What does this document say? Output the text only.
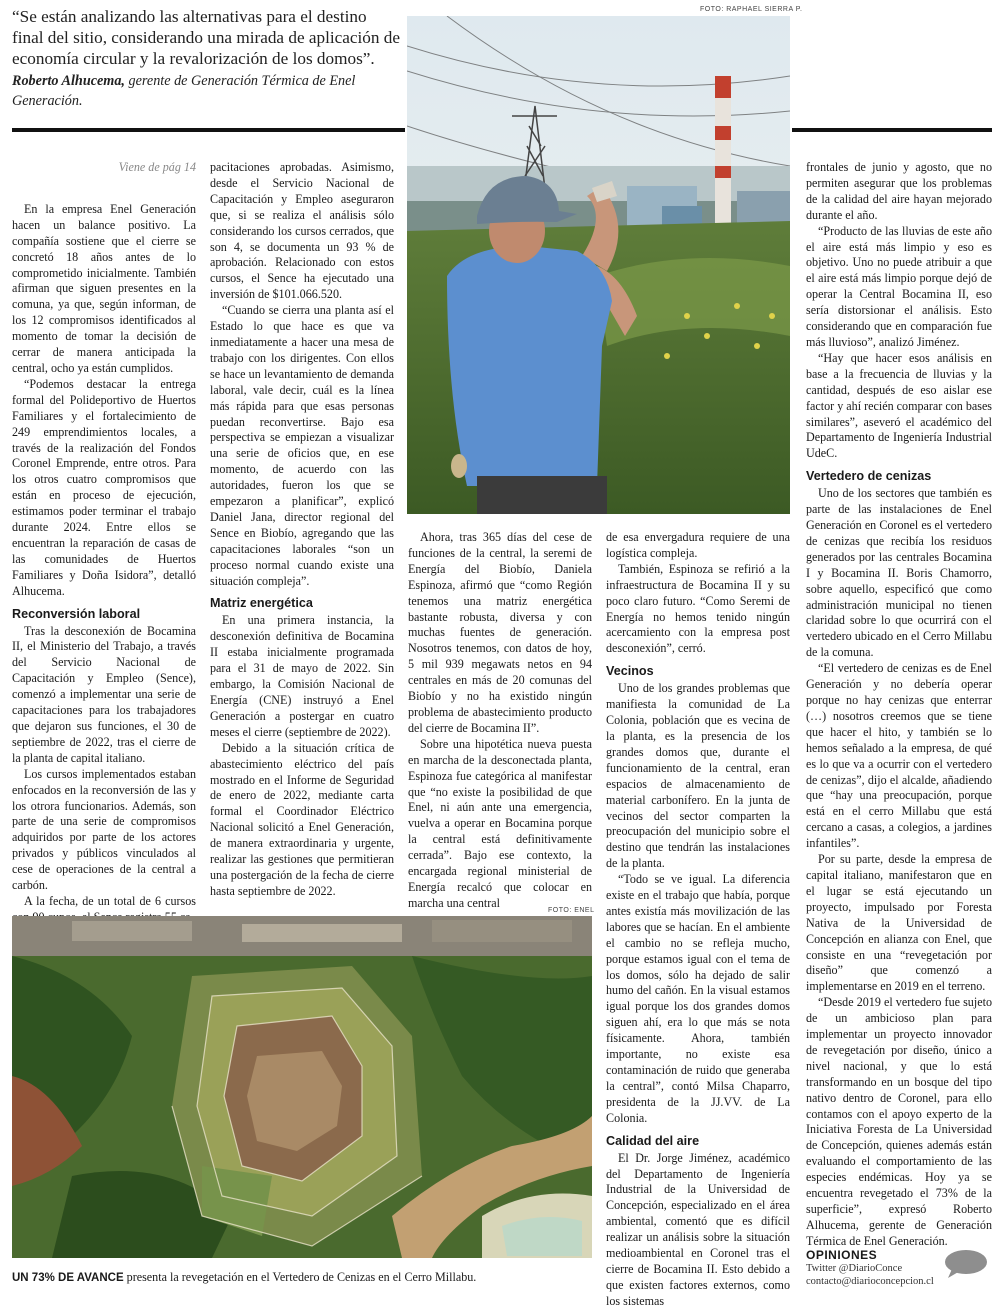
“Se están analizando las alternativas para el destino final del sitio, considerando una mirada de aplicación de economía circular y la revalorización de los domos”.
Roberto Alhucema, gerente de Generación Térmica de Enel Generación.
FOTO: RAPHAEL SIERRA P.

Viene de pág 14

En la empresa Enel Generación hacen un balance positivo. La compañía sostiene que el cierre se concretó 18 años antes de lo comprometido inicialmente. También afirman que siguen presentes en la comuna, ya que, según informan, de los 12 compromisos identificados al momento de tomar la decisión de cerrar de manera anticipada la central, ocho ya están cumplidos.

“Podemos destacar la entrega formal del Polideportivo de Huertos Familiares y el fortalecimiento de 249 emprendimientos locales, a través de la realización del Fondos Coronel Emprende, entre otros. Para los otros cuatro compromisos que están en proceso de ejecución, estimamos poder terminar el trabajo durante 2024. Entre ellos se encuentran la reparación de casas de las comunidades de Huertos Familiares y Doña Isidora”, detalló Alhucema.

Reconversión laboral

Tras la desconexión de Bocamina II, el Ministerio del Trabajo, a través del Servicio Nacional de Capacitación y Empleo (Sence), comenzó a implementar una serie de capacitaciones para los trabajadores que dejaron sus funciones, el 30 de septiembre de 2022, tras el cierre de la planta de capital italiano.

Los cursos implementados estaban enfocados en la reconversión de las y los otrora funcionarios. Además, son parte de una serie de compromisos adquiridos por parte de los actores privados y públicos vinculados al cese de operaciones de la central a carbón.

A la fecha, de un total de 6 cursos

pacitaciones aprobadas. Asimismo, desde el Servicio Nacional de Capacitación y Empleo aseguraron que, si se realiza el análisis sólo considerando los cursos cerrados, que son 4, se documenta un 93 % de aprobación. Relacionado con estos cursos, el Sence ha ejecutado una inversión de $101.066.520.

“Cuando se cierra una planta así el Estado lo que hace es que va inmediatamente a hacer una mesa de trabajo con los dirigentes. Con ellos se hace un levantamiento de demanda laboral, vale decir, cuál es la línea más rápida para que esas personas puedan reconvertirse. Bajo esa perspectiva se empiezan a visualizar una serie de oficios que, en ese momento, de acuerdo con las autoridades, fueron los que se empezaron a planificar”, explicó Daniel Jana, director regional del Sence en Biobío, agregando que las capacitaciones laborales “son un proceso normal cuando existe una situación compleja”.

Matriz energética

En una primera instancia, la desconexión definitiva de Bocamina II estaba inicialmente programada para el 31 de mayo de 2022. Sin embargo, la Comisión Nacional de Energía (CNE) instruyó a Enel Generación a postergar en cuatro meses el cierre (septiembre de 2022).

Debido a la situación crítica de abastecimiento eléctrico del país mostrado en el Informe de Seguridad de enero de 2022, mediante carta formal el Coordinador Eléctrico Nacional solicitó a Enel Generación, de manera extraordinaria y urgente, realizar las gestiones que permitieran una postergación de la fecha de cierre hasta septiembre de 2022.

Ahora, tras 365 días del cese de funciones de la central, la seremi de Energía del Biobío, Daniela Espinoza, afirmó que “como Región tenemos una matriz energética bastante robusta, diversa y con muchas fuentes de generación. Nosotros tenemos, con datos de hoy, 5 mil 939 megawats netos en 94 centrales en más de 20 comunas del Biobío y no ha existido ningún problema de abastecimiento producto del cierre de Bocamina II”.

Sobre una hipotética nueva puesta en marcha de la desconectada planta, Espinoza fue categórica al manifestar que “no existe la posibilidad de que Enel, ni aún ante una emergencia, vuelva a operar en Bocamina porque la central está definitivamente cerrada”. Bajo ese contexto, la encargada regional ministerial de Energía recalcó que colocar en marcha una central

de esa envergadura requiere de una logística compleja.

También, Espinoza se refirió a la infraestructura de Bocamina II y su poco claro futuro. “Como Seremi de Energía no hemos tenido ningún acercamiento con la empresa post desconexión”, cerró.

Vecinos

Uno de los grandes problemas que manifiesta la comunidad de La Colonia, población que es vecina de la planta, es la presencia de los grandes domos que, durante el funcionamiento de la central, eran espacios de almacenamiento de material carbonífero. En la junta de vecinos del sector comparten la preocupación del municipio sobre el destino que tendrán las instalaciones de la planta.

“Todo se ve igual. La diferencia existe en el trabajo que había, porque antes existía más movilización de las labores que se hacían. En el ambiente el cambio no se refleja mucho, porque estamos igual con el tema de los domos, sólo ha dejado de salir humo del cañón. En la visual estamos igual porque los dos grandes domos siguen ahí, era lo que más se nota físicamente. Ahora, también importante, no existe esa contaminación de ruido que generaba la central”, contó Milsa Chaparro, presidenta de la JJ.VV. de La Colonia.

Calidad del aire

El Dr. Jorge Jiménez, académico del Departamento de Ingeniería Industrial de la Universidad de Concepción, especializado en el área ambiental, comentó que es difícil realizar un análisis sobre la situación medioambiental en Coronel tras el cierre de Bocamina II. Esto debido a que existen factores externos, como los sistemas

frontales de junio y agosto, que no permiten asegurar que los problemas de la calidad del aire hayan mejorado durante el año.

“Producto de las lluvias de este año el aire está más limpio y eso es objetivo. Uno no puede atribuir a que el aire está más limpio porque dejó de operar la Central Bocamina II, eso sería distorsionar el análisis. Esto considerando que en comparación fue más lluvioso”, analizó Jiménez.

“Hay que hacer esos análisis en base a la frecuencia de lluvias y la cantidad, después de eso aislar ese factor y ahí recién comparar con bases similares”, aseveró el académico del Departamento de Ingeniería Industrial UdeC.

Vertedero de cenizas

Uno de los sectores que también es parte de las instalaciones de Enel Generación en Coronel es el vertedero de cenizas que recibía los residuos generados por las centrales Bocamina I y Bocamina II. Boris Chamorro, sobre aquello, especificó que como administración municipal no tienen claridad sobre lo que ocurrirá con el vertedero ubicado en el Cerro Millabu de la comuna.

“El vertedero de cenizas es de Enel Generación y no debería operar porque no hay cenizas que enterrar (…) nosotros creemos que se tiene que hacer el hito, y también se lo hemos señalado a la empresa, de qué es lo que va a ocurrir con el vertedero de cenizas”, dijo el alcalde, añadiendo que “hay una preocupación, porque está en el cerro Millabu que está cercano a casas, a colegios, a jardines infantiles”.

Por su parte, desde la empresa de capital italiano, manifestaron que en el lugar se está ejecutando un proyecto, impulsado por Foresta Nativa de la Universidad de Concepción en alianza con Enel, que consiste en una “revegetación por diseño” que comenzó a implementarse en 2019 en el terreno.

“Desde 2019 el vertedero fue sujeto de un ambicioso plan para implementar un proyecto innovador de revegetación por diseño, único a nivel nacional, y que lo está transformando en un bosque del tipo nativo dentro de Coronel, para ello contamos con el apoyo experto de la Iniciativa Foresta de La Universidad de Concepción, quienes además están evaluando el comportamiento de las especies endémicas. Hoy ya se encuentra revegetado el 73% de la superficie”, expresó Roberto Alhucema, gerente de Generación Térmica de Enel Generación.

FOTO: ENEL
UN 73% DE AVANCE presenta la revegetación en el Vertedero de Cenizas en el Cerro Millabu.
OPINIONES
Twitter @DiarioConce
contacto@diarioconcepcion.cl
